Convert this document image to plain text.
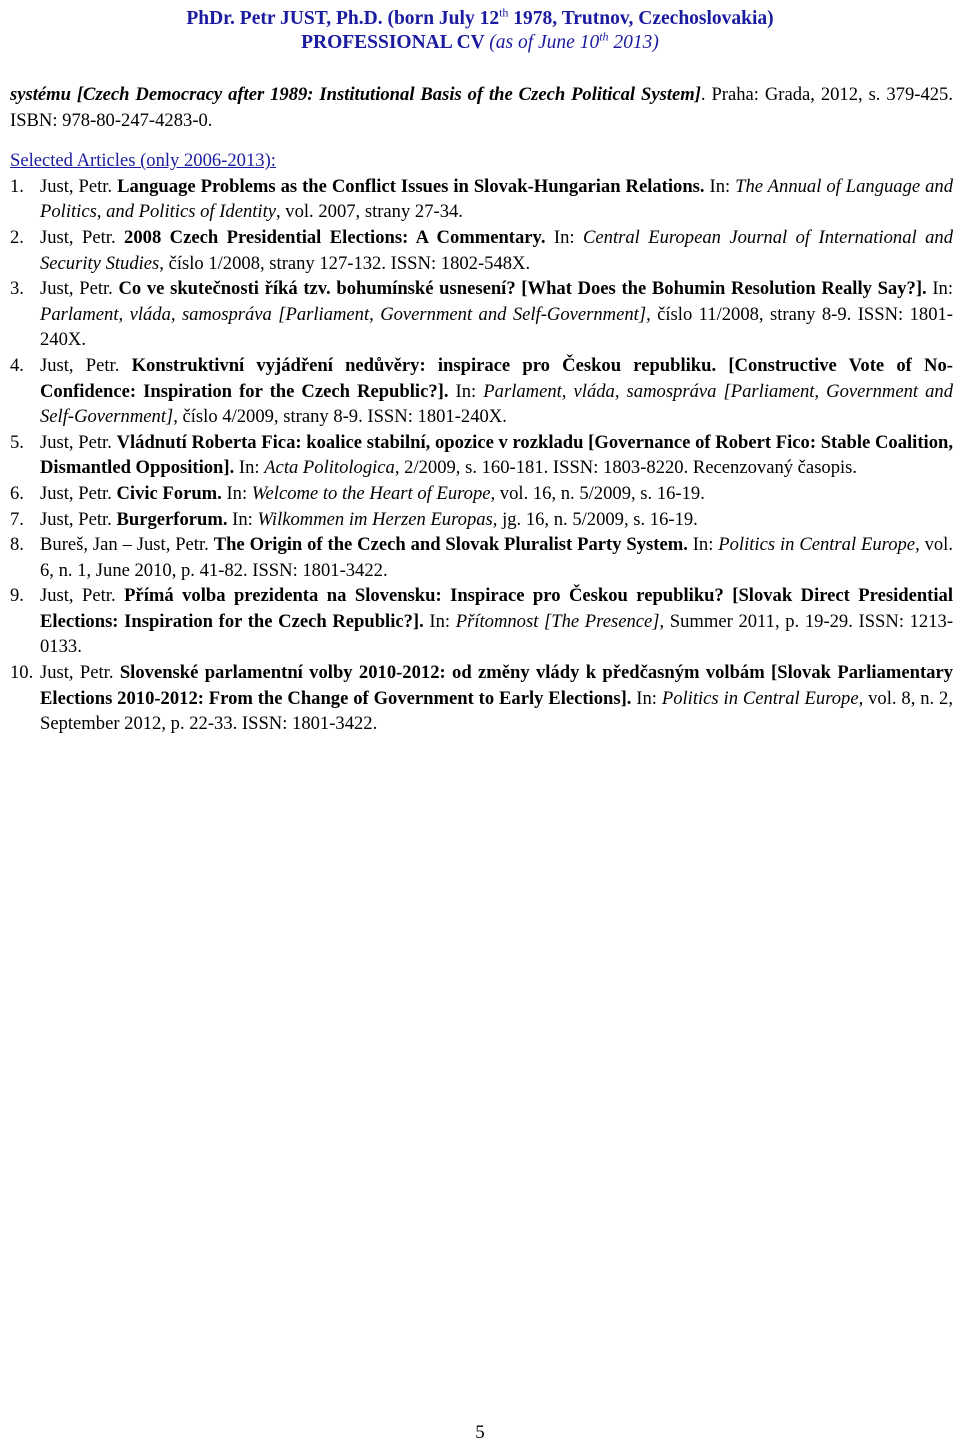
PhDr. Petr JUST, Ph.D. (born July 12th 1978, Trutnov, Czechoslovakia)
PROFESSIONAL CV (as of June 10th 2013)

systému [Czech Democracy after 1989: Institutional Basis of the Czech Political System]. Praha: Grada, 2012, s. 379-425. ISBN: 978-80-247-4283-0.

Selected Articles (only 2006-2013):

1. Just, Petr. Language Problems as the Conflict Issues in Slovak-Hungarian Relations. In: The Annual of Language and Politics, and Politics of Identity, vol. 2007, strany 27-34.

2. Just, Petr. 2008 Czech Presidential Elections: A Commentary. In: Central European Journal of International and Security Studies, číslo 1/2008, strany 127-132. ISSN: 1802-548X.

3. Just, Petr. Co ve skutečnosti říká tzv. bohumínské usnesení? [What Does the Bohumin Resolution Really Say?]. In: Parlament, vláda, samospráva [Parliament, Government and Self-Government], číslo 11/2008, strany 8-9. ISSN: 1801-240X.

4. Just, Petr. Konstruktivní vyjádření nedůvěry: inspirace pro Českou republiku. [Constructive Vote of No-Confidence: Inspiration for the Czech Republic?]. In: Parlament, vláda, samospráva [Parliament, Government and Self-Government], číslo 4/2009, strany 8-9. ISSN: 1801-240X.

5. Just, Petr. Vládnutí Roberta Fica: koalice stabilní, opozice v rozkladu [Governance of Robert Fico: Stable Coalition, Dismantled Opposition]. In: Acta Politologica, 2/2009, s. 160-181. ISSN: 1803-8220. Recenzovaný časopis.

6. Just, Petr. Civic Forum. In: Welcome to the Heart of Europe, vol. 16, n. 5/2009, s. 16-19.

7. Just, Petr. Burgerforum. In: Wilkommen im Herzen Europas, jg. 16, n. 5/2009, s. 16-19.

8. Bureš, Jan – Just, Petr. The Origin of the Czech and Slovak Pluralist Party System. In: Politics in Central Europe, vol. 6, n. 1, June 2010, p. 41-82. ISSN: 1801-3422.

9. Just, Petr. Přímá volba prezidenta na Slovensku: Inspirace pro Českou republiku? [Slovak Direct Presidential Elections: Inspiration for the Czech Republic?]. In: Přítomnost [The Presence], Summer 2011, p. 19-29. ISSN: 1213-0133.

10. Just, Petr. Slovenské parlamentní volby 2010-2012: od změny vlády k předčasným volbám [Slovak Parliamentary Elections 2010-2012: From the Change of Government to Early Elections]. In: Politics in Central Europe, vol. 8, n. 2, September 2012, p. 22-33. ISSN: 1801-3422.

5
